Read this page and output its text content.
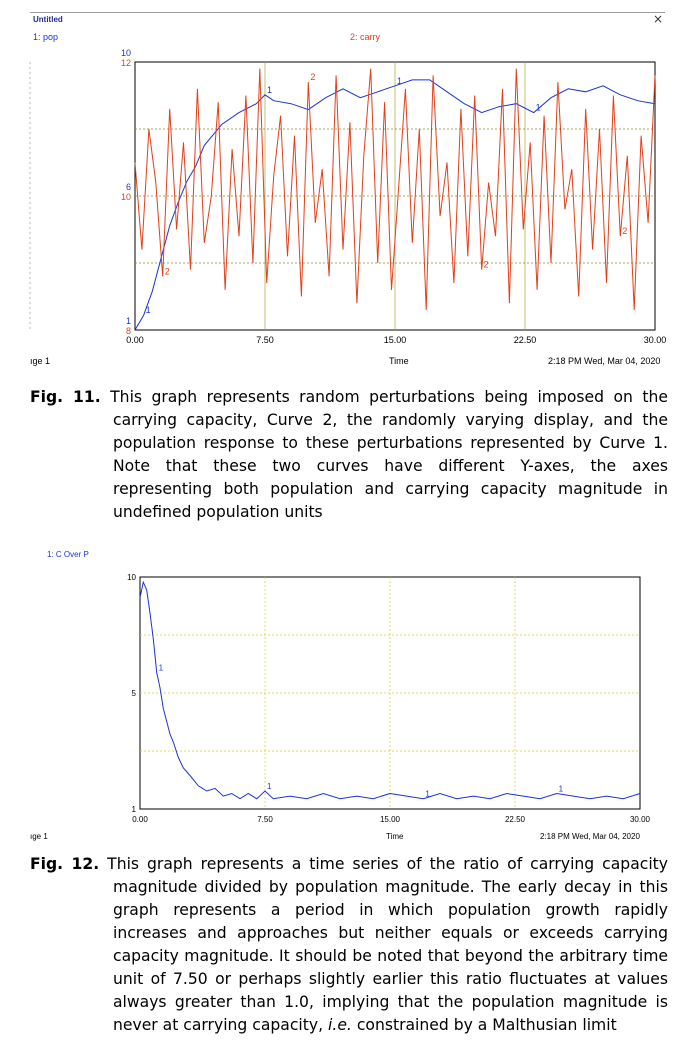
Untitled	×
1: pop	2: carry
0.00	7.50	15.00	22.50	30.00
1
6
10
8
10
12
1
1
1
1
2
2
2
2
ıge 1	Time	2:18 PM Wed, Mar 04, 2020
Fig. 11. This graph represents random perturbations being imposed on the carrying capacity, Curve 2, the randomly varying display, and the population response to these perturbations represented by Curve 1. Note that these two curves have different Y-axes, the axes representing both population and carrying capacity magnitude in undefined population units
1: C Over P
0.00	7.50	15.00	22.50	30.00
1
5
10
1
1
1
1
ıge 1	Time	2:18 PM Wed, Mar 04, 2020
Fig. 12. This graph represents a time series of the ratio of carrying capacity magnitude divided by population magnitude. The early decay in this graph represents a period in which population growth rapidly increases and approaches but neither equals or exceeds carrying capacity magnitude. It should be noted that beyond the arbitrary time unit of 7.50 or perhaps slightly earlier this ratio fluctuates at values always greater than 1.0, implying that the population magnitude is never at carrying capacity, i.e. constrained by a Malthusian limit
